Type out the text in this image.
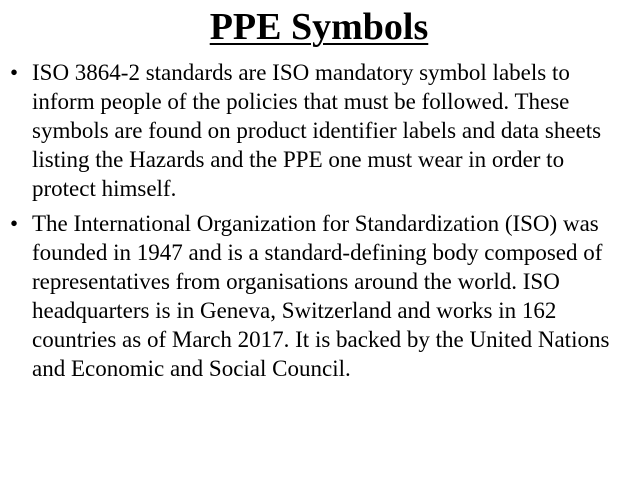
PPE Symbols
• ISO 3864-2 standards are ISO mandatory symbol labels to inform people of the policies that must be followed. These symbols are found on product identifier labels and data sheets listing the Hazards and the PPE one must wear in order to protect himself.
• The International Organization for Standardization (ISO) was founded in 1947 and is a standard-defining body composed of representatives from organisations around the world. ISO headquarters is in Geneva, Switzerland and works in 162 countries as of March 2017. It is backed by the United Nations and Economic and Social Council.
